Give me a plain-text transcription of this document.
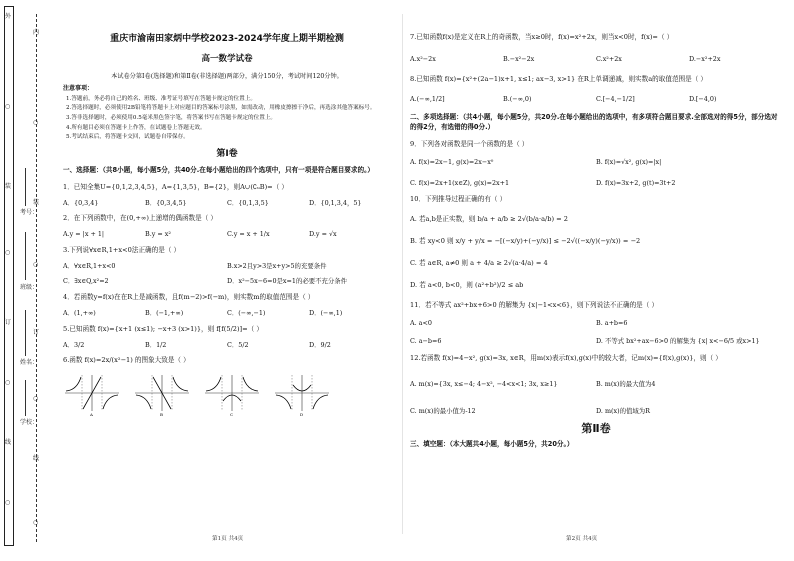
外
○
装
○
订
○
线
○
内
○
装
○
订
○
线
○
考号：
班级：
姓名：
学校：
重庆市渝南田家炳中学校2023-2024学年度上期半期检测
高一数学试卷
本试卷分第Ⅰ卷(选择题)和第Ⅱ卷(非选择题)两部分，满分150分，考试时间120分钟。
注意事项：
1.答题前，务必将自己的姓名、班级、准考证号填写在答题卡规定的位置上。
2.答选择题时，必须使用2B铅笔将答题卡上对应题目的答案标号涂黑，如需改动，用橡皮擦擦干净后，再选涂其他答案标号。
3.答非选择题时，必须使用0.5毫米黑色签字笔，将答案书写在答题卡规定的位置上。
4.所有题目必须在答题卡上作答，在试题卷上答题无效。
5.考试结束后，将答题卡交回，试题卷自带保存。
第Ⅰ卷
一、选择题：（共8小题，每小题5分，共40分.在每小题给出的四个选项中，只有一项是符合题目要求的。）
1．已知全集U={0,1,2,3,4,5}，A={1,3,5}，B={2}，则A∪(∁ᵤB)=（ ）
A．{0,3,4}	B．{0,3,4,5}	C．{0,1,3,5}	D．{0,1,3,4，5}
2．在下列函数中，在(0,+∞)上递增的偶函数是（ ）
A.y = |x + 1|	B.y = x²	C.y = x + 1/x	D.y = √x
3.下列说∀x∈R,1+x<0法正确的是（ ）
A．∀x∈R,1+x<0	B.x>2且y>3是x+y>5的充要条件
C．∃x∈Q,x²=2	D．x²−5x−6=0是x=1的必要不充分条件
4．若函数y=f(x)在在R上是减函数，且f(m−2)>f(−m)，则实数m的取值范围是（ ）
A．(1,+∞)	B．(−1,+∞)	C．(−∞,−1)	D．(−∞,1)
5.已知函数 f(x)={x+1 (x≤1); −x+3 (x>1)}，则 f[f(5/2)]=（ ）
A．3/2	B．1/2	C．5/2	D．9/2
6.函数 f(x)=2x/(x²−1) 的图象大致是（ ）
A	B	C	D
7.已知函数f(x)是定义在R上的奇函数，当x≥0时，f(x)=x²+2x，则当x<0时，f(x)=（ ）
A.x²−2x	B.−x²−2x	C.x²+2x	D.−x²+2x
8.已知函数 f(x)={x²+(2a−1)x+1, x≤1; ax−3, x>1} 在R上单调递减，则实数a的取值范围是（ ）
A.(−∞,1/2]	B.(−∞,0)	C.[−4,−1/2]	D.[−4,0)
二、多项选择题：（共4小题，每小题5分，共20分.在每小题给出的选项中，有多项符合题目要求.全部选对的得5分，部分选对的得2分，有选错的得0分.）
9．下列各对函数是同一个函数的是（ ）
A. f(x)=2x−1, g(x)=2x−x⁰	B. f(x)=√x², g(x)=|x|
C. f(x)=2x+1(x∈Z), g(x)=2x+1	D. f(x)=3x+2, g(t)=3t+2
10．下列推导过程正确的有（ ）
A. 若a,b是正实数，则 b/a + a/b ≥ 2√(b/a·a/b) = 2
B. 若 xy<0 则 x/y + y/x = −[(−x/y)+(−y/x)] ≤ −2√((−x/y)(−y/x)) = −2
C. 若 a∈R, a≠0 则 a + 4/a ≥ 2√(a·4/a) = 4
D. 若 a<0, b<0，则 (a²+b²)/2 ≤ ab
11．若不等式 ax²+bx+6>0 的解集为 {x|−1<x<6}，则下列说法不正确的是（ ）
A. a<0	B. a+b=6
C. a−b=6	D. 不等式 bx²+ax−6>0 的解集为 {x| x<−6/5 或x>1}
12.若函数 f(x)=4−x², g(x)=3x, x∈R，用m(x)表示f(x),g(x)中的较大者，记m(x)={f(x),g(x)}，则（ ）
A. m(x)={3x, x≤−4; 4−x², −4<x<1; 3x, x≥1}	B. m(x)的最大值为4
C. m(x)的最小值为-12	D. m(x)的值域为R
第Ⅱ卷
三、填空题：（本大题共4小题，每小题5分，共20分。）
第1页 共4页	第2页 共4页
